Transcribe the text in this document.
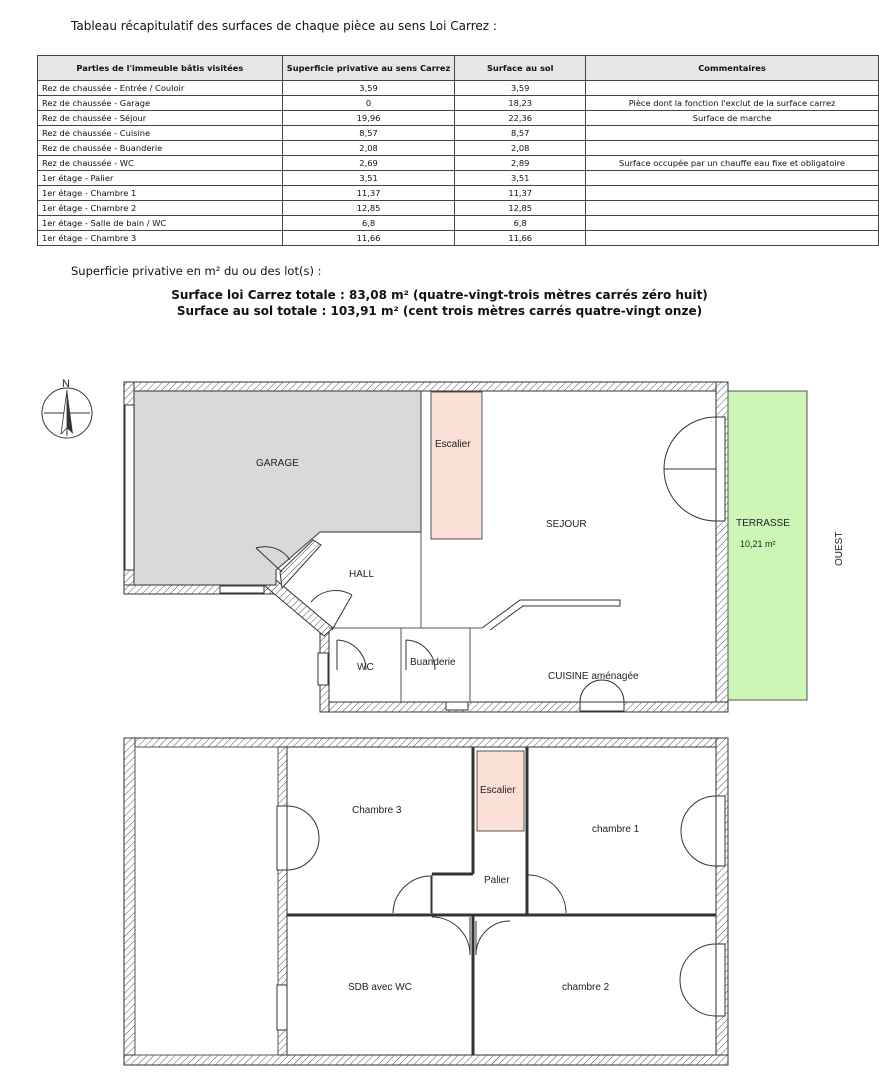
Tableau récapitulatif des surfaces de chaque pièce au sens Loi Carrez :
Parties de l'immeuble bâtis visitées	Superficie privative au sens Carrez	Surface au sol	Commentaires
Rez de chaussée - Entrée / Couloir	3,59	3,59	
Rez de chaussée - Garage	0	18,23	Pièce dont la fonction l'exclut de la surface carrez
Rez de chaussée - Séjour	19,96	22,36	Surface de marche
Rez de chaussée - Cuisine	8,57	8,57	
Rez de chaussée - Buanderie	2,08	2,08	
Rez de chaussée - WC	2,69	2,89	Surface occupée par un chauffe eau fixe et obligatoire
1er étage - Palier	3,51	3,51	
1er étage - Chambre 1	11,37	11,37	
1er étage - Chambre 2	12,85	12,85	
1er étage - Salle de bain / WC	6,8	6,8	
1er étage - Chambre 3	11,66	11,66	
Superficie privative en m² du ou des lot(s) :
Surface loi Carrez totale : 83,08 m² (quatre-vingt-trois mètres carrés zéro huit)
Surface au sol totale : 103,91 m² (cent trois mètres carrés quatre-vingt onze)
N
GARAGE
Escalier
TERRASSE
10,21 m²
SEJOUR
HALL
WC	Buanderie
CUISINE aménagée
OUEST
Escalier
Chambre 3
chambre 1
Palier
SDB avec WC	chambre 2
